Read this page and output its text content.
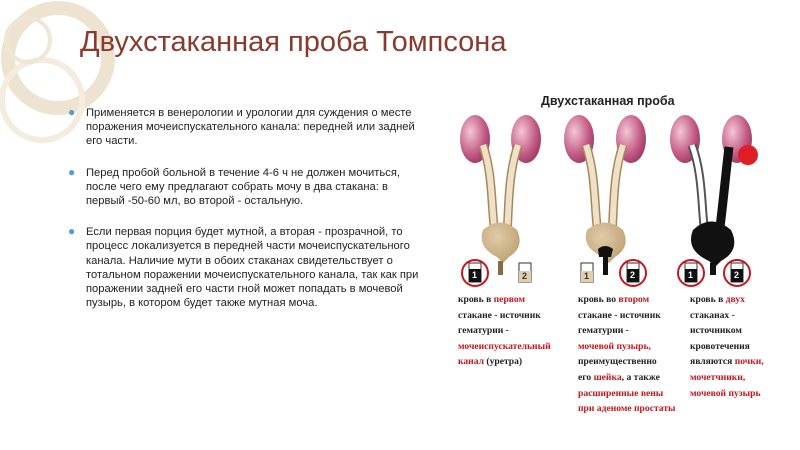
Двухстаканная проба Томпсона
● Применяется в венерологии и урологии для суждения о месте поражения мочеиспускательного канала: передней или задней его части.
● Перед пробой больной в течение 4-6 ч не должен мочиться, после чего ему предлагают собрать мочу в два стакана: в первый -50-60 мл, во второй - остальную.
● Если первая порция будет мутной, а вторая - прозрачной, то процесс локализуется в передней части мочеиспускательного канала. Наличие мути в обоих стаканах свидетельствует о тотальном поражении мочеиспускательного канала, так как при поражении задней его части гной может попадать в мочевой пузырь, в котором будет также мутная моча.
1	2	1	2	1	2
Двухстаканная проба
кровь в первом
стакане - источник
гематурии -
мочеиспускательный
канал (уретра)
кровь во втором
стакане - источник
гематурии -
мочевой пузырь,
преимущественно
его шейка, а также
расширенные вены
при аденоме простаты
кровь в двух
стаканах -
источником
кровотечения
являются почки,
мочетчники,
мочевой пузырь
